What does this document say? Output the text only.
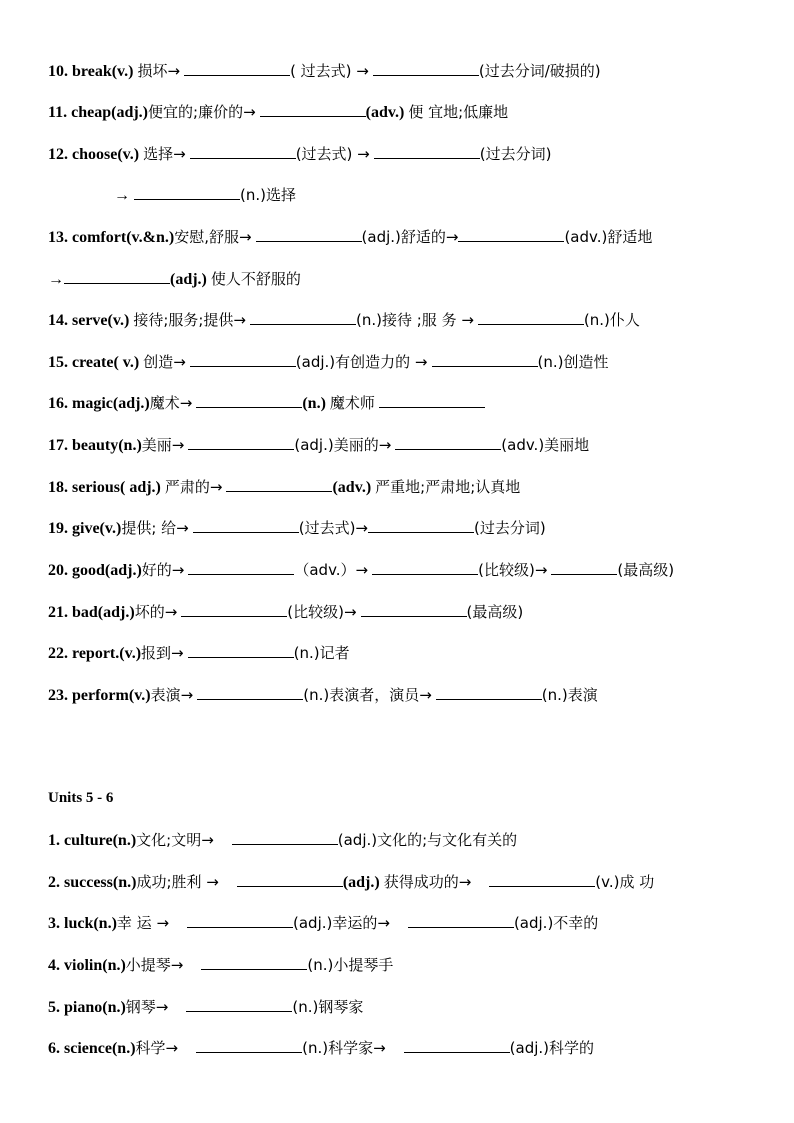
10. break(v.) 损坏→	( 过去式) →	(过去分词/破损的)
11. cheap(adj.)便宜的;廉价的→	(adv.) 便 宜地;低廉地
12. choose(v.) 选择→	(过去式) →	(过去分词)
→	(n.)选择
13. comfort(v.&n.)安慰,舒服→	(adj.)舒适的→	(adv.)舒适地
→	(adj.) 使人不舒服的
14. serve(v.) 接待;服务;提供→	(n.)接待 ;服 务 →	(n.)仆人
15. create( v.) 创造→	(adj.)有创造力的 →	(n.)创造性
16. magic(adj.)魔术→	(n.) 魔术师
17. beauty(n.)美丽→	(adj.)美丽的→	(adv.)美丽地
18. serious( adj.) 严肃的→	(adv.) 严重地;严肃地;认真地
19. give(v.)提供; 给→	(过去式)→	(过去分词)
20. good(adj.)好的→	（adv.）→	(比较级)→	(最高级)
21. bad(adj.)坏的→	(比较级)→	(最高级)
22. report.(v.)报到→	(n.)记者
23. perform(v.)表演→	(n.)表演者，演员→	(n.)表演
Units 5 - 6
1. culture(n.)文化;文明→	(adj.)文化的;与文化有关的
2. success(n.)成功;胜利 →	(adj.) 获得成功的→	(v.)成 功
3. luck(n.)幸 运 →	(adj.)幸运的→	(adj.)不幸的
4. violin(n.)小提琴→	(n.)小提琴手
5. piano(n.)钢琴→	(n.)钢琴家
6. science(n.)科学→	(n.)科学家→	(adj.)科学的
